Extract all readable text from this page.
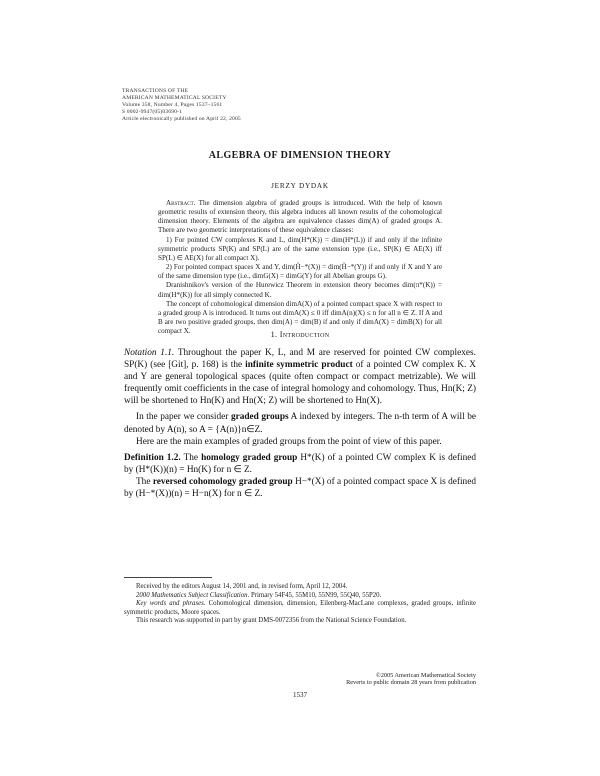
TRANSACTIONS OF THE
AMERICAN MATHEMATICAL SOCIETY
Volume 358, Number 4, Pages 1537–1561
S 0002-9947(05)03690-1
Article electronically published on April 22, 2005
ALGEBRA OF DIMENSION THEORY
JERZY DYDAK

Abstract. The dimension algebra of graded groups is introduced. With the help of known geometric results of extension theory, this algebra induces all known results of the cohomological dimension theory. Elements of the algebra are equivalence classes dim(A) of graded groups A. There are two geometric interpretations of these equivalence classes:

1) For pointed CW complexes K and L, dim(H*(K)) = dim(H*(L)) if and only if the infinite symmetric products SP(K) and SP(L) are of the same extension type (i.e., SP(K) ∈ AE(X) iff SP(L) ∈ AE(X) for all compact X).

2) For pointed compact spaces X and Y, dim(Ȟ−*(X)) = dim(Ȟ−*(Y)) if and only if X and Y are of the same dimension type (i.e., dimG(X) = dimG(Y) for all Abelian groups G).

Dranishnikov's version of the Hurewicz Theorem in extension theory becomes dim(π*(K)) = dim(H*(K)) for all simply connected K.

The concept of cohomological dimension dimA(X) of a pointed compact space X with respect to a graded group A is introduced. It turns out dimA(X) ≤ 0 iff dimA(n)(X) ≤ n for all n ∈ Z. If A and B are two positive graded groups, then dim(A) = dim(B) if and only if dimA(X) = dimB(X) for all compact X.	1. Introduction

Notation 1.1. Throughout the paper K, L, and M are reserved for pointed CW complexes. SP(K) (see [Git], p. 168) is the infinite symmetric product of a pointed CW complex K. X and Y are general topological spaces (quite often compact or compact metrizable). We will frequently omit coefficients in the case of integral homology and cohomology. Thus, Hn(K; Z) will be shortened to Hn(K) and Hn(X; Z) will be shortened to Hn(X).

In the paper we consider graded groups A indexed by integers. The n-th term of A will be denoted by A(n), so A = {A(n)}n∈Z.

Here are the main examples of graded groups from the point of view of this paper.

Definition 1.2. The homology graded group H*(K) of a pointed CW complex K is defined by (H*(K))(n) = Hn(K) for n ∈ Z.

The reversed cohomology graded group H−*(X) of a pointed compact space X is defined by (H−*(X))(n) = H−n(X) for n ∈ Z.

Received by the editors August 14, 2001 and, in revised form, April 12, 2004.

2000 Mathematics Subject Classification. Primary 54F45, 55M10, 55N99, 55Q40, 55P20.

Key words and phrases. Cohomological dimension, dimension, Eilenberg-MacLane complexes, graded groups, infinite symmetric products, Moore spaces.

This research was supported in part by grant DMS-0072356 from the National Science Foundation.

©2005 American Mathematical Society
Reverts to public domain 28 years from publication
1537
